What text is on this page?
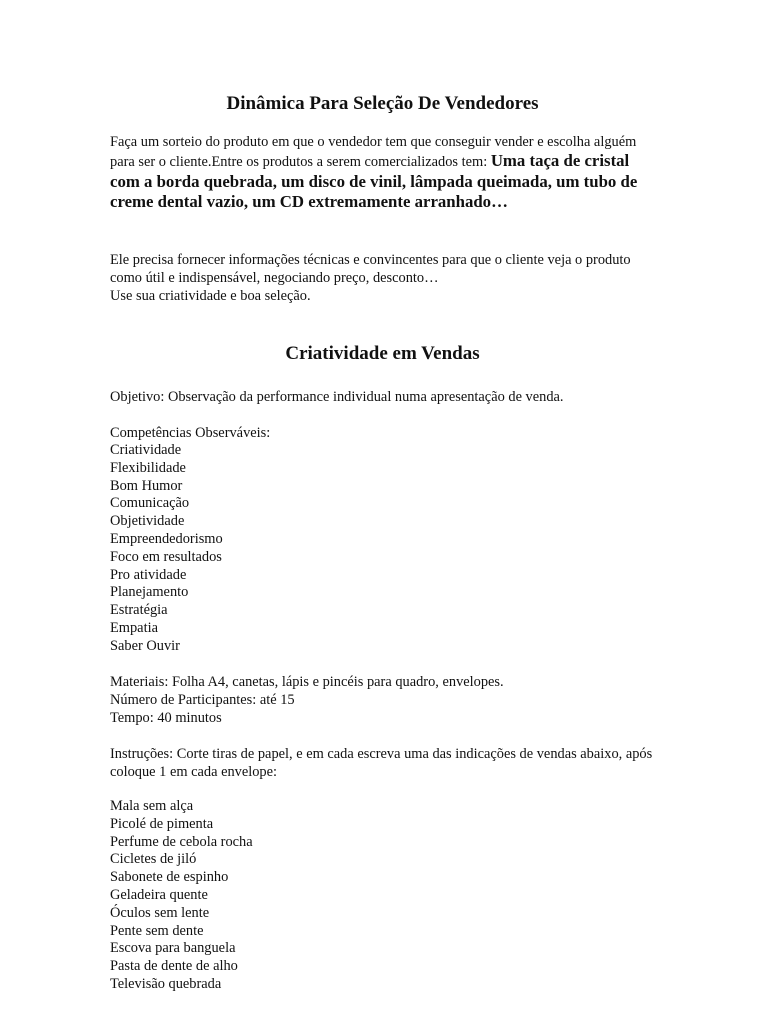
Dinâmica Para Seleção De Vendedores

Faça um sorteio do produto em que o vendedor tem que conseguir vender e escolha alguém para ser o cliente.Entre os produtos a serem comercializados tem: Uma taça de cristal com a borda quebrada, um disco de vinil, lâmpada queimada, um tubo de creme dental vazio, um CD extremamente arranhado…

Ele precisa fornecer informações técnicas e convincentes para que o cliente veja o produto como útil e indispensável, negociando preço, desconto…

Use sua criatividade e boa seleção.

Criatividade em Vendas

Objetivo: Observação da performance individual numa apresentação de venda.

Competências Observáveis:

Criatividade
Flexibilidade
Bom Humor
Comunicação
Objetividade
Empreendedorismo
Foco em resultados
Pro atividade
Planejamento
Estratégia
Empatia
Saber Ouvir

Materiais: Folha A4, canetas, lápis e pincéis para quadro, envelopes.

Número de Participantes: até 15

Tempo: 40 minutos

Instruções: Corte tiras de papel, e em cada escreva uma das indicações de vendas abaixo, após coloque 1 em cada envelope:

Mala sem alça
Picolé de pimenta
Perfume de cebola rocha
Cicletes de jiló
Sabonete de espinho
Geladeira quente
Óculos sem lente
Pente sem dente
Escova para banguela
Pasta de dente de alho
Televisão quebrada
